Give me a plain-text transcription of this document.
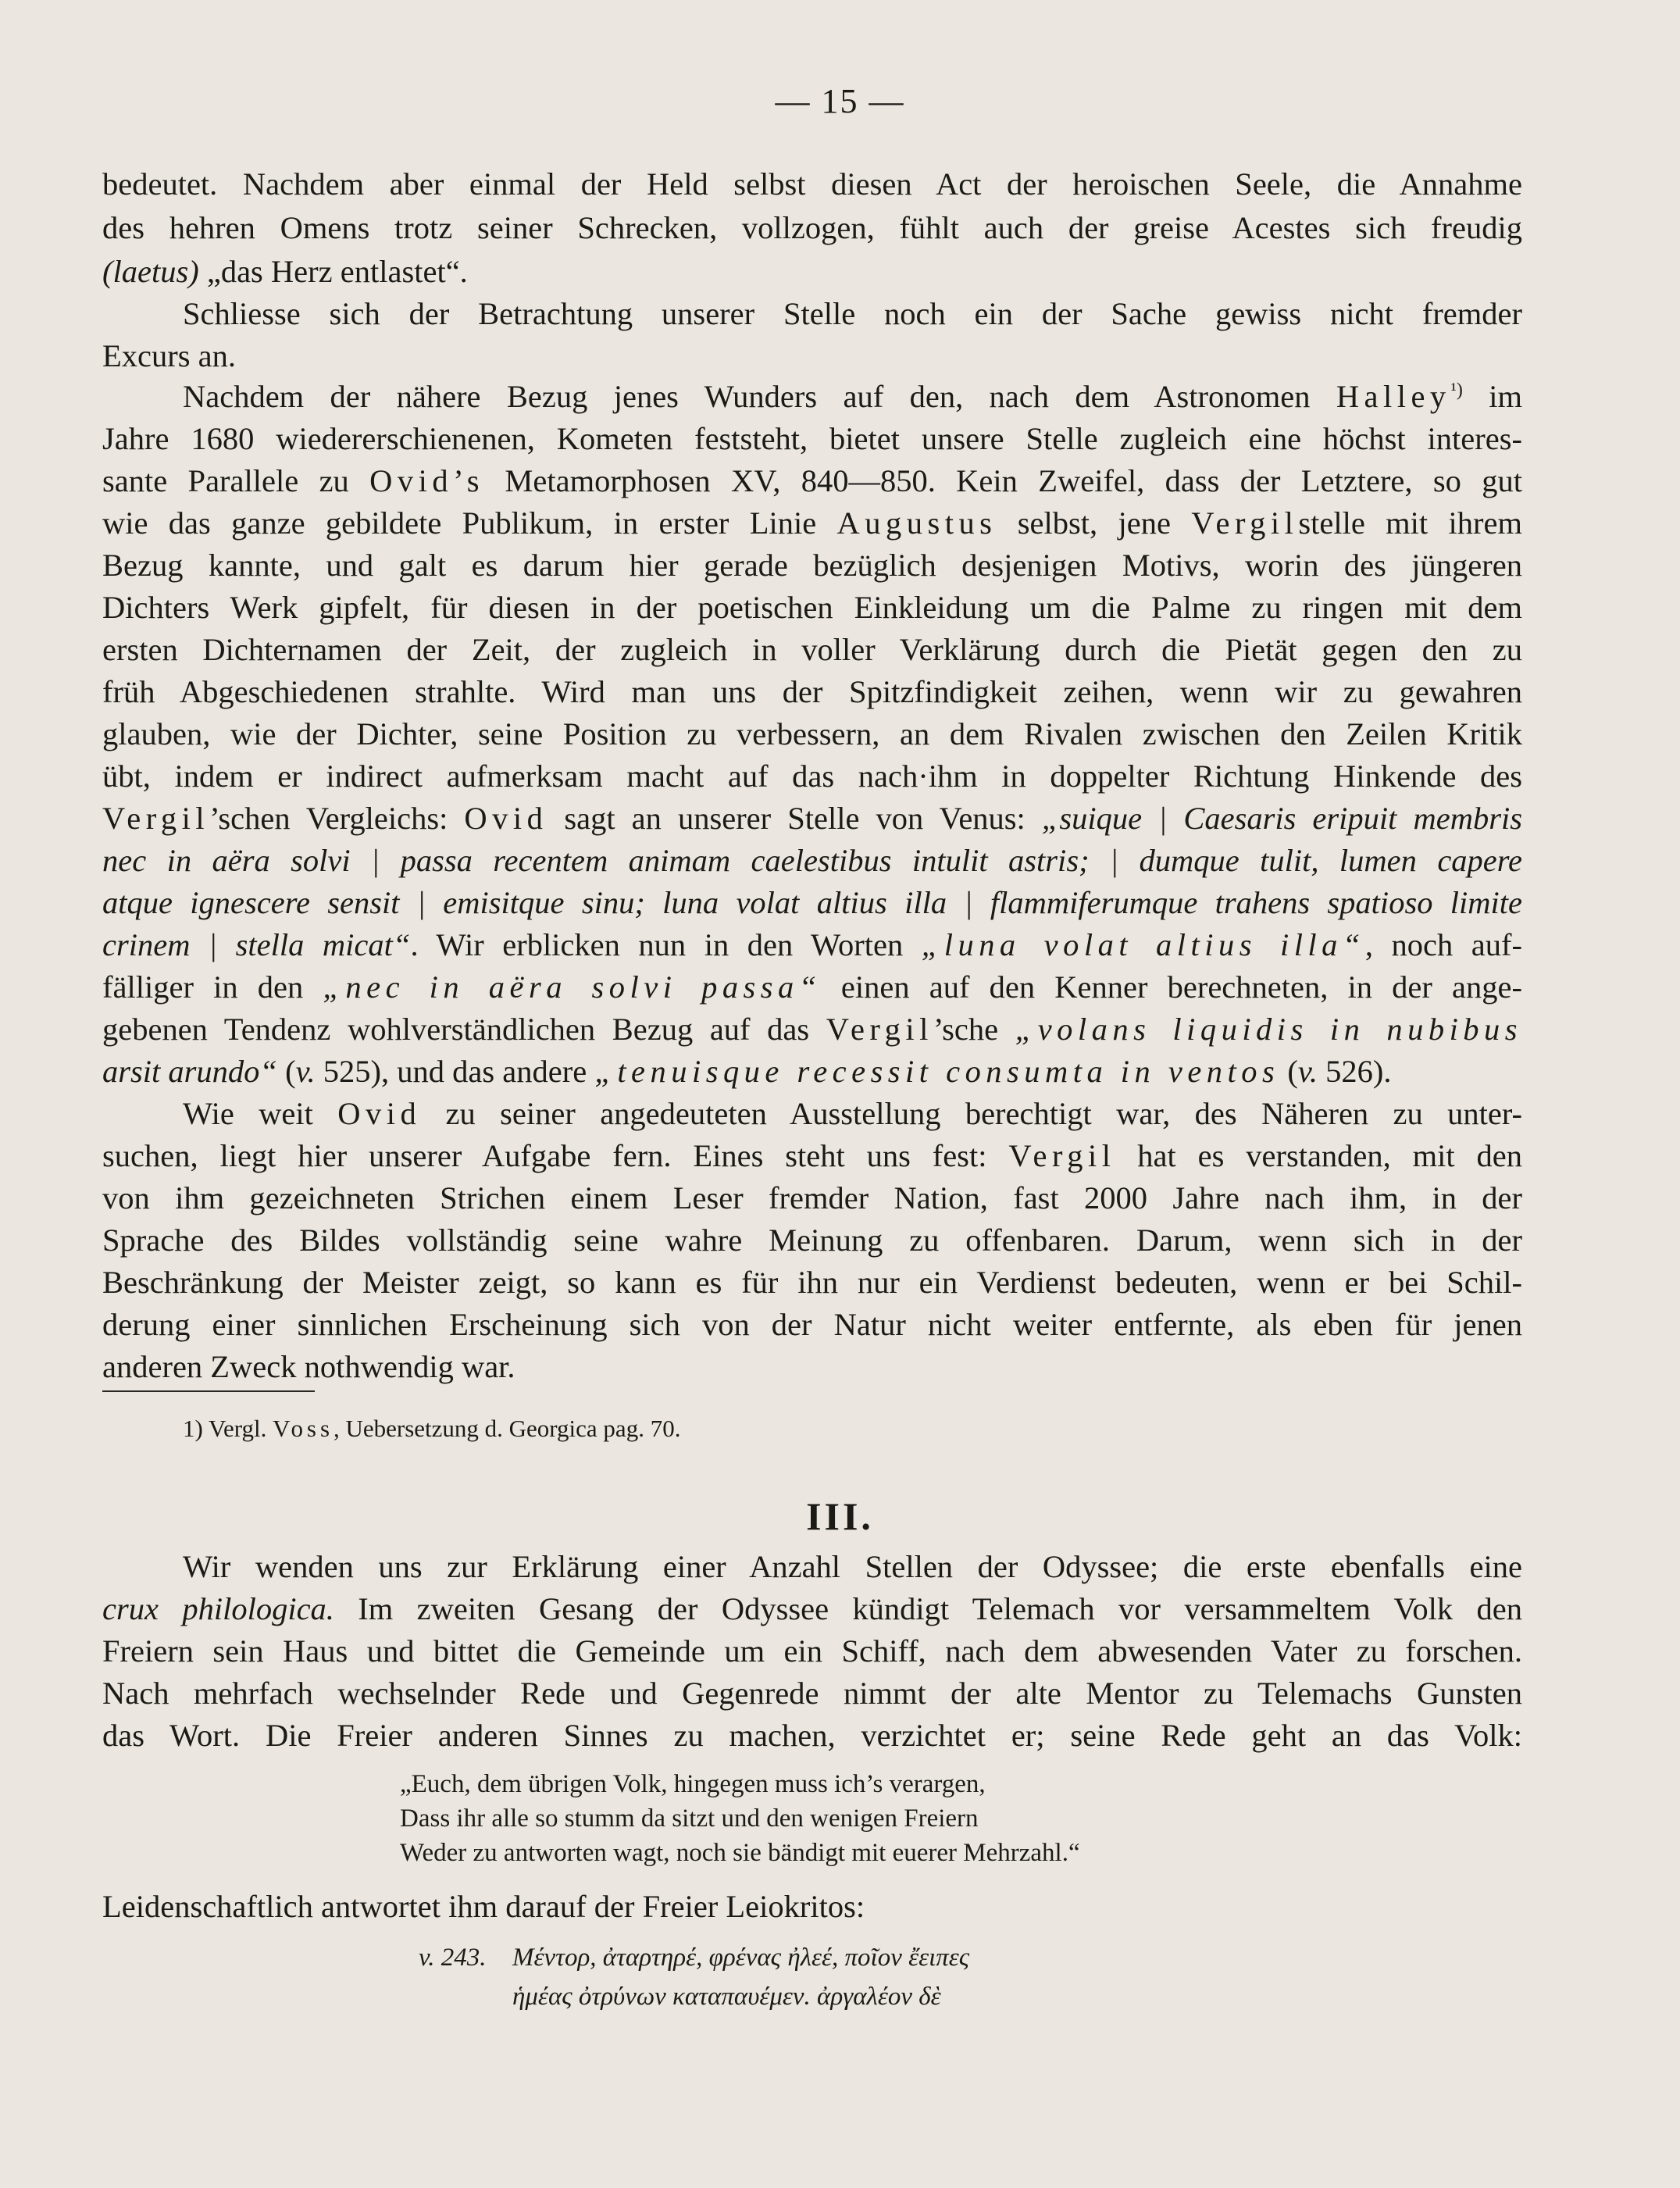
— 15 —
bedeutet. Nachdem aber einmal der Held selbst diesen Act der heroischen Seele, die Annahme
des hehren Omens trotz seiner Schrecken, vollzogen, fühlt auch der greise Acestes sich freudig
(laetus) „das Herz entlastet“.
Schliesse sich der Betrachtung unserer Stelle noch ein der Sache gewiss nicht fremder
Excurs an.
Nachdem der nähere Bezug jenes Wunders auf den, nach dem Astronomen Halley$^{^1)}$ im
Jahre 1680 wiedererschienenen, Kometen feststeht, bietet unsere Stelle zugleich eine höchst interes-
sante Parallele zu Ovid’s Metamorphosen XV, 840—850. Kein Zweifel, dass der Letztere, so gut
wie das ganze gebildete Publikum, in erster Linie Augustus selbst, jene Vergilstelle mit ihrem
Bezug kannte, und galt es darum hier gerade bezüglich desjenigen Motivs, worin des jüngeren
Dichters Werk gipfelt, für diesen in der poetischen Einkleidung um die Palme zu ringen mit dem
ersten Dichternamen der Zeit, der zugleich in voller Verklärung durch die Pietät gegen den zu
früh Abgeschiedenen strahlte. Wird man uns der Spitzfindigkeit zeihen, wenn wir zu gewahren
glauben, wie der Dichter, seine Position zu verbessern, an dem Rivalen zwischen den Zeilen Kritik
übt, indem er indirect aufmerksam macht auf das nach·ihm in doppelter Richtung Hinkende des
Vergil’schen Vergleichs: Ovid sagt an unserer Stelle von Venus: „suique | Caesaris eripuit membris
nec in aëra solvi | passa recentem animam caelestibus intulit astris; | dumque tulit, lumen capere
atque ignescere sensit | emisitque sinu; luna volat altius illa | flammiferumque trahens spatioso limite
crinem | stella micat“. Wir erblicken nun in den Worten „luna volat altius illa“, noch auf-
fälliger in den „nec in aëra solvi passa“ einen auf den Kenner berechneten, in der ange-
gebenen Tendenz wohlverständlichen Bezug auf das Vergil’sche „volans liquidis in nubibus
arsit arundo“ (v. 525), und das andere „tenuisque recessit consumta in ventos (v. 526).
Wie weit Ovid zu seiner angedeuteten Ausstellung berechtigt war, des Näheren zu unter-
suchen, liegt hier unserer Aufgabe fern. Eines steht uns fest: Vergil hat es verstanden, mit den
von ihm gezeichneten Strichen einem Leser fremder Nation, fast 2000 Jahre nach ihm, in der
Sprache des Bildes vollständig seine wahre Meinung zu offenbaren. Darum, wenn sich in der
Beschränkung der Meister zeigt, so kann es für ihn nur ein Verdienst bedeuten, wenn er bei Schil-
derung einer sinnlichen Erscheinung sich von der Natur nicht weiter entfernte, als eben für jenen
anderen Zweck nothwendig war.
1) Vergl. Voss, Uebersetzung d. Georgica pag. 70.
III.
Wir wenden uns zur Erklärung einer Anzahl Stellen der Odyssee; die erste ebenfalls eine
crux philologica. Im zweiten Gesang der Odyssee kündigt Telemach vor versammeltem Volk den
Freiern sein Haus und bittet die Gemeinde um ein Schiff, nach dem abwesenden Vater zu forschen.
Nach mehrfach wechselnder Rede und Gegenrede nimmt der alte Mentor zu Telemachs Gunsten
das Wort. Die Freier anderen Sinnes zu machen, verzichtet er; seine Rede geht an das Volk:
„Euch, dem übrigen Volk, hingegen muss ich’s verargen,
Dass ihr alle so stumm da sitzt und den wenigen Freiern
Weder zu antworten wagt, noch sie bändigt mit euerer Mehrzahl.“
Leidenschaftlich antwortet ihm darauf der Freier Leiokritos:
v. 243. Μέντορ, ἀταρτηρέ, φρένας ἠλεέ, ποῖον ἔειπες
ἡμέας ὀτρύνων καταπαυέμεν. ἀργαλέον δὲ
